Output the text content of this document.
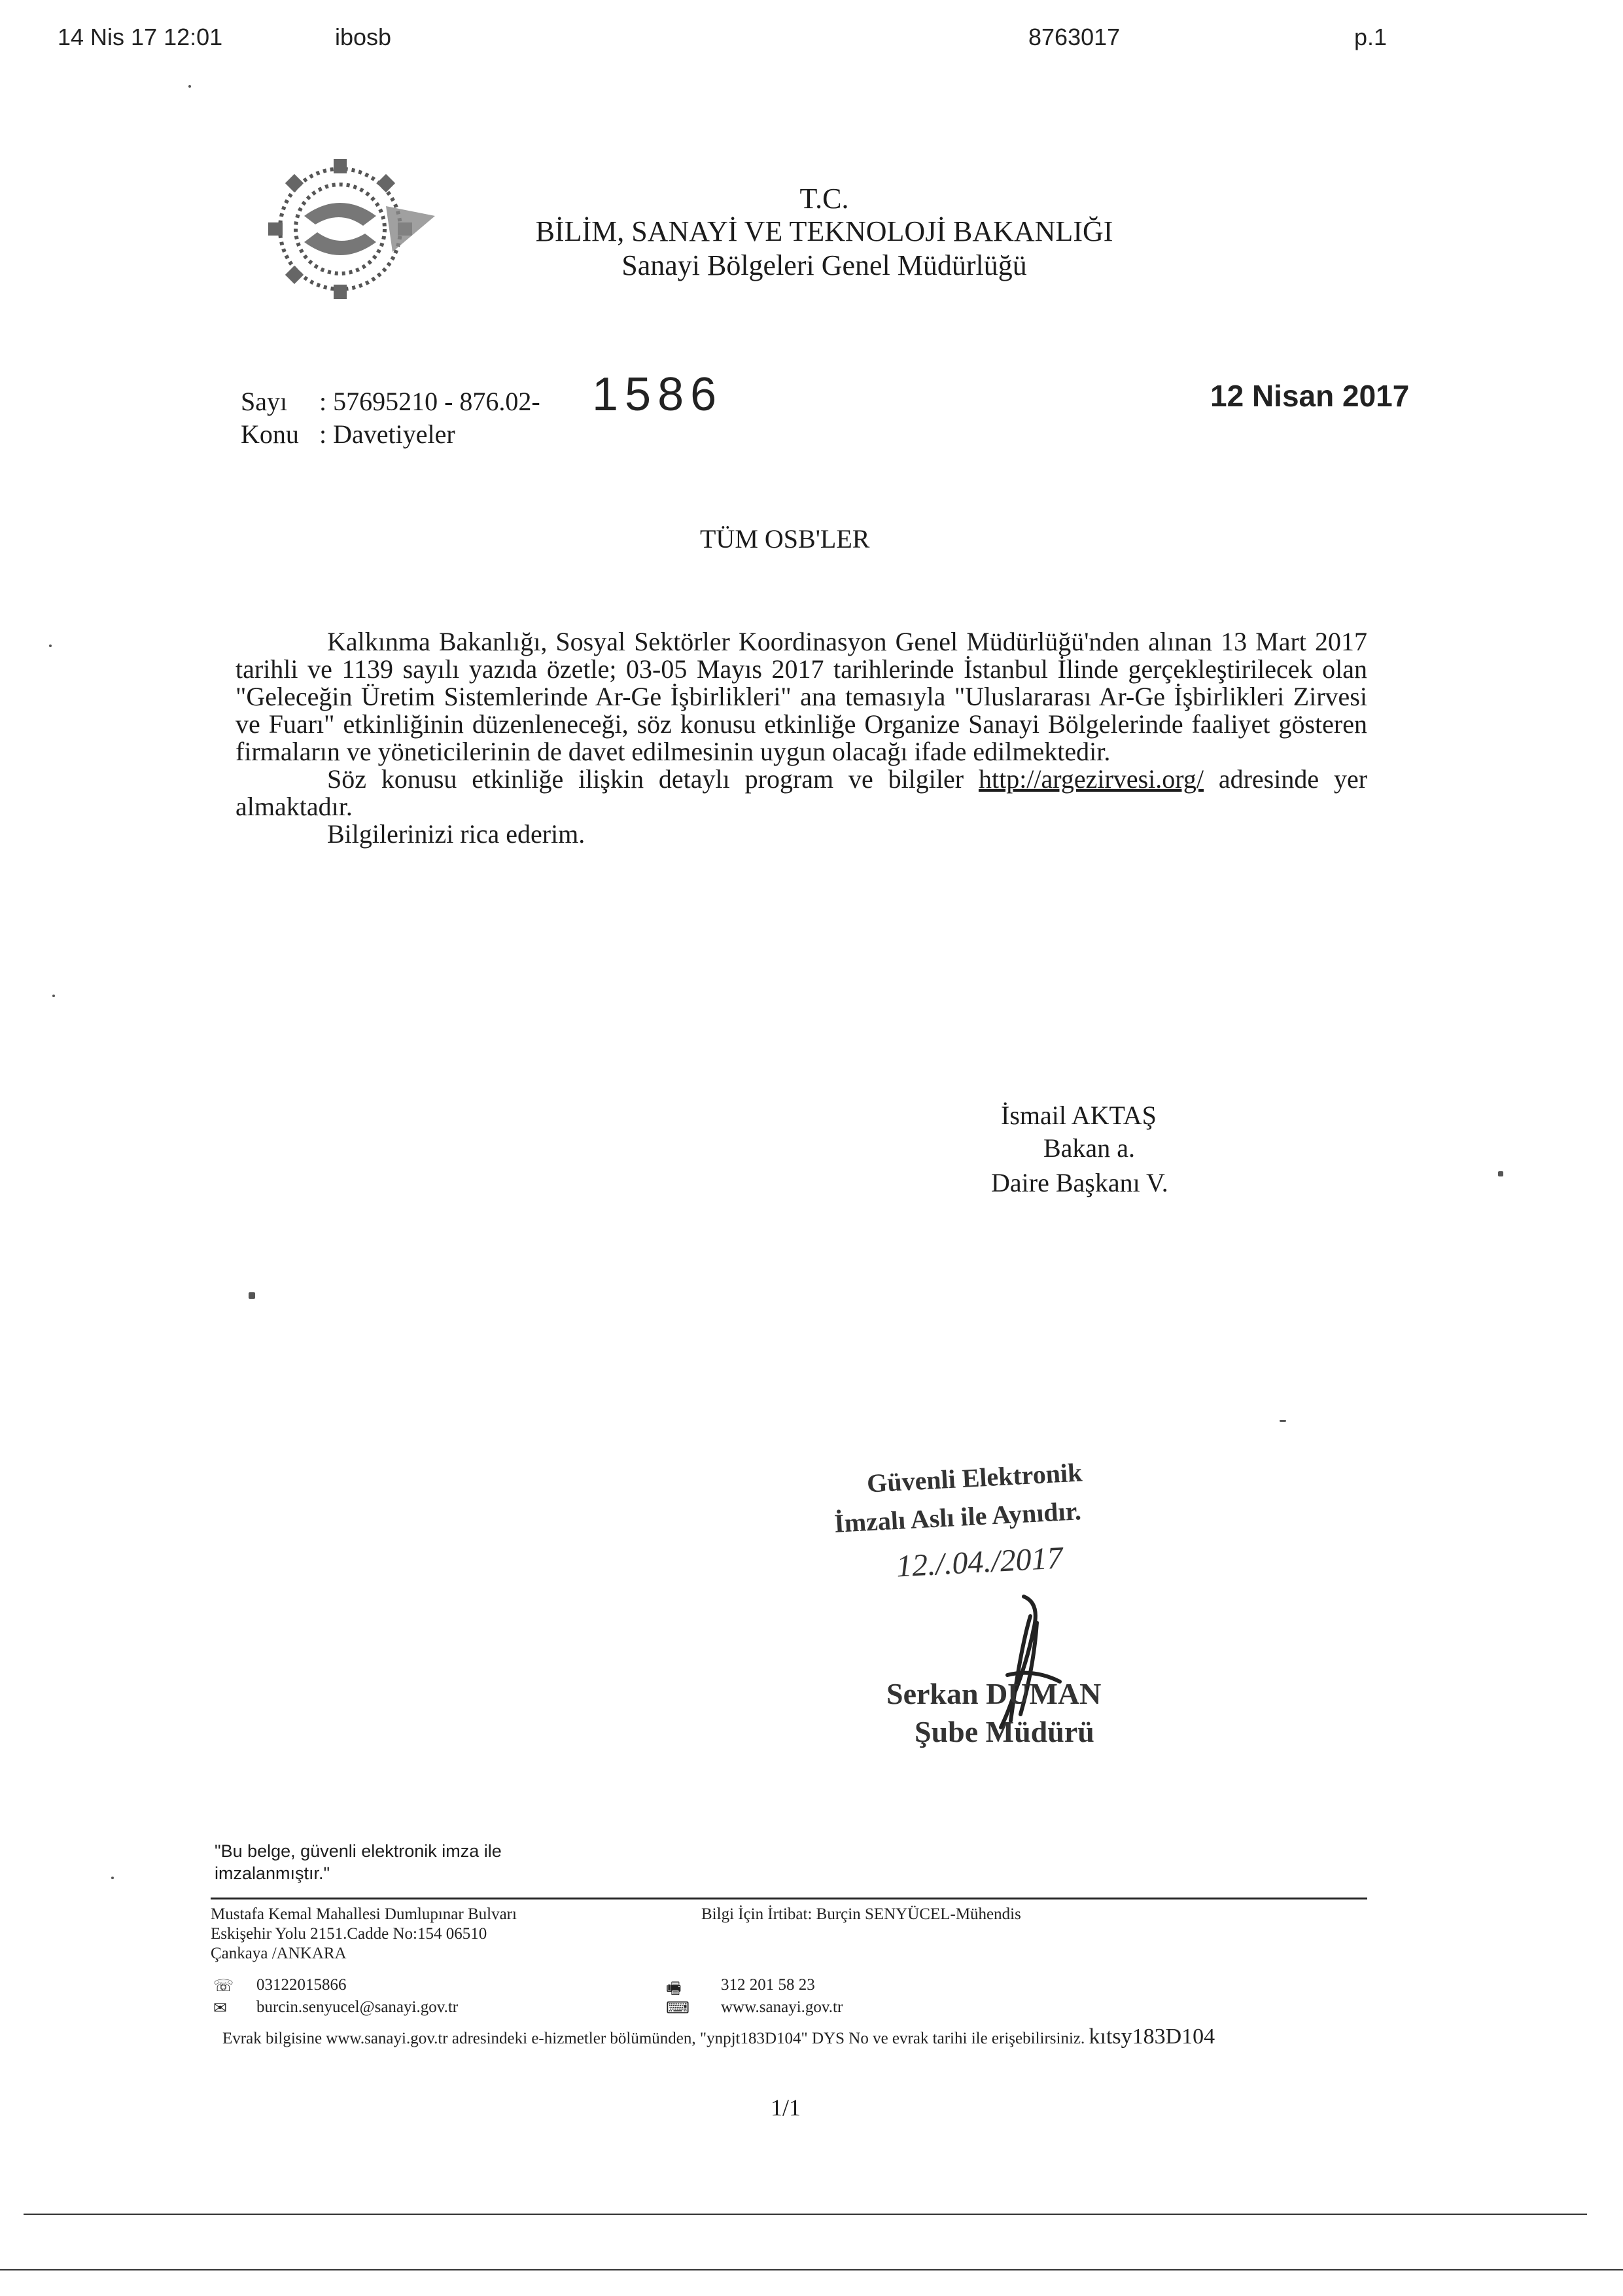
14 Nis 17 12:01	ibosb	8763017	p.1
T.C.
BİLİM, SANAYİ VE TEKNOLOJİ BAKANLIĞI
Sanayi Bölgeleri Genel Müdürlüğü
Sayı : 57695210 - 876.02- 1586
Konu : Davetiyeler
12 Nisan 2017
TÜM OSB'LER

Kalkınma Bakanlığı, Sosyal Sektörler Koordinasyon Genel Müdürlüğü'nden alınan 13 Mart 2017 tarihli ve 1139 sayılı yazıda özetle; 03-05 Mayıs 2017 tarihlerinde İstanbul İlinde gerçekleştirilecek olan "Geleceğin Üretim Sistemlerinde Ar-Ge İşbirlikleri" ana temasıyla "Uluslararası Ar-Ge İşbirlikleri Zirvesi ve Fuarı" etkinliğinin düzenleneceği, söz konusu etkinliğe Organize Sanayi Bölgelerinde faaliyet gösteren firmaların ve yöneticilerinin de davet edilmesinin uygun olacağı ifade edilmektedir.

Söz konusu etkinliğe ilişkin detaylı program ve bilgiler http://argezirvesi.org/ adresinde yer almaktadır.

Bilgilerinizi rica ederim.

İsmail AKTAŞ
Bakan a.
Daire Başkanı V.
Güvenli Elektronik
İmzalı Aslı ile Aynıdır.
12./.04./2017
Serkan DUMAN
Şube Müdürü
"Bu belge, güvenli elektronik imza ile imzalanmıştır."
Mustafa Kemal Mahallesi Dumlupınar Bulvarı
Eskişehir Yolu 2151.Cadde No:154 06510
Çankaya /ANKARA
Bilgi İçin İrtibat: Burçin SENYÜCEL-Mühendis
☏ 03122015866	🖷 312 201 58 23
✉ burcin.senyucel@sanayi.gov.tr	⌨ www.sanayi.gov.tr
Evrak bilgisine www.sanayi.gov.tr adresindeki e-hizmetler bölümünden, "ynpjt183D104" DYS No ve evrak tarihi ile erişebilirsiniz. kıtsy183D104
1/1
